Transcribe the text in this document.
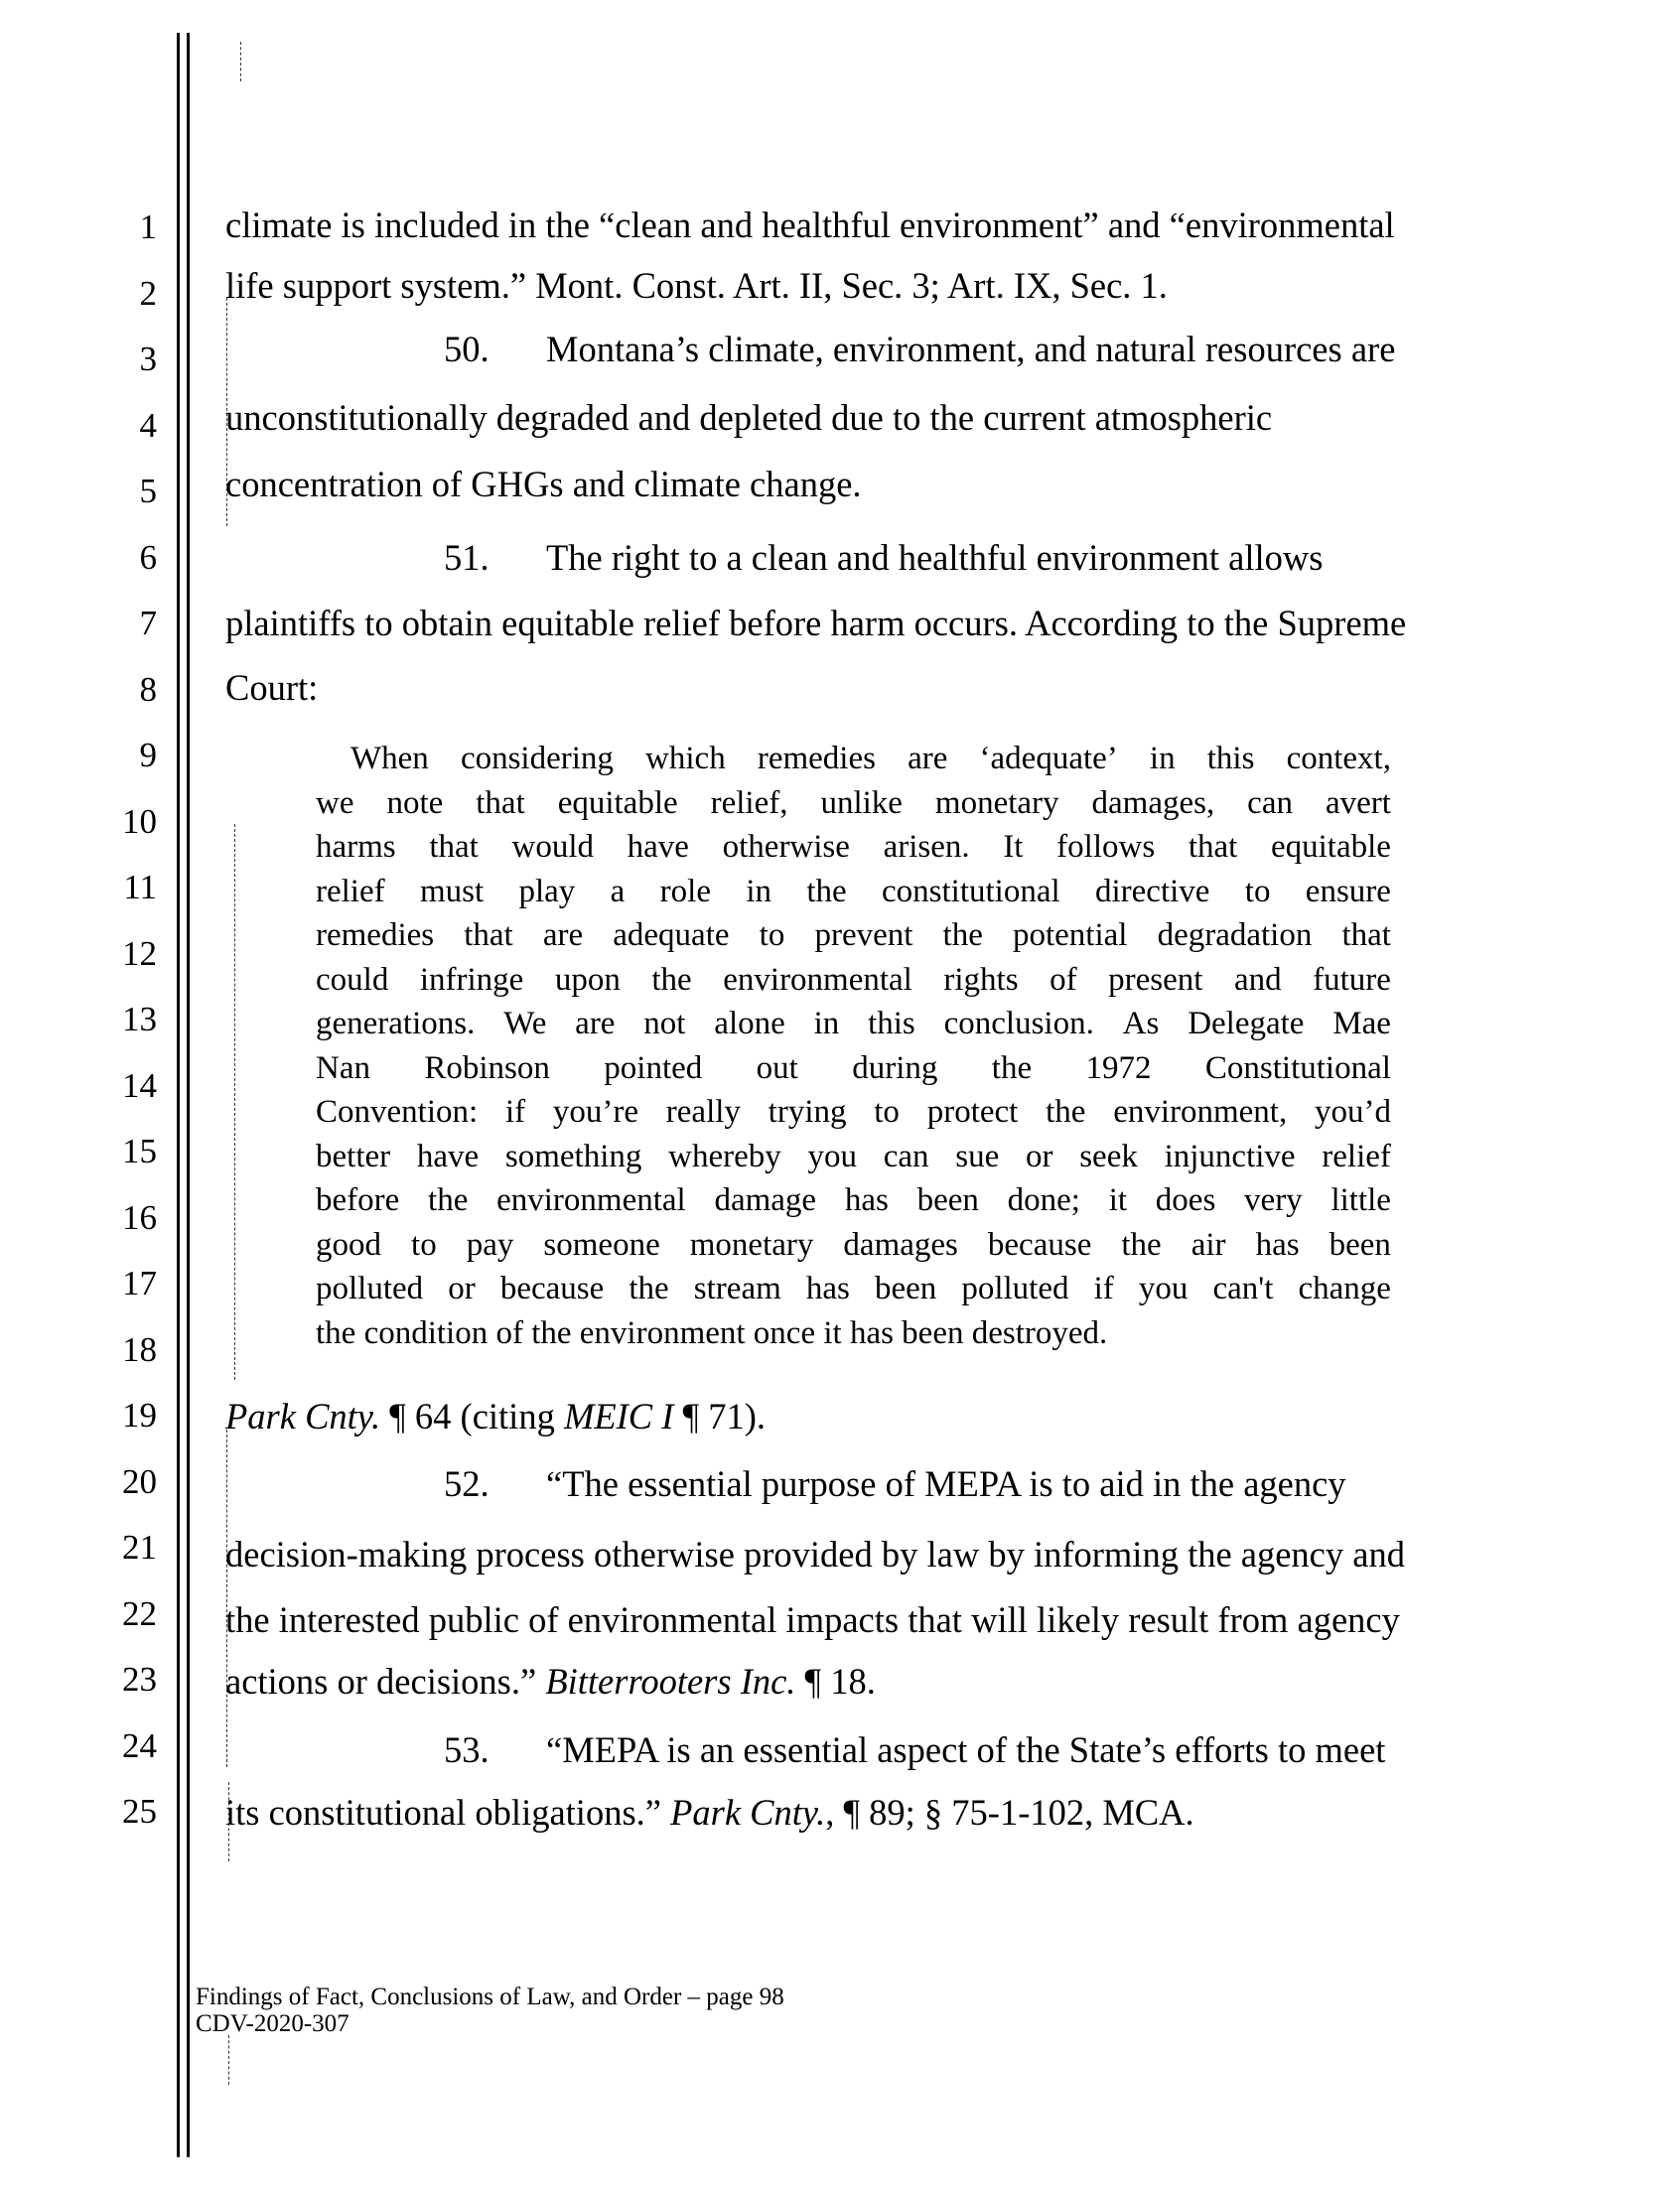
1
2
3
4
5
6
7
8
9
10
11
12
13
14
15
16
17
18
19
20
21
22
23
24
25
climate is included in the “clean and healthful environment” and “environmental
life support system.” Mont. Const. Art. II, Sec. 3; Art. IX, Sec. 1.
50. Montana’s climate, environment, and natural resources are
unconstitutionally degraded and depleted due to the current atmospheric
concentration of GHGs and climate change.
51. The right to a clean and healthful environment allows
plaintiffs to obtain equitable relief before harm occurs. According to the Supreme
Court:
When considering which remedies are ‘adequate’ in this context,
we note that equitable relief, unlike monetary damages, can avert
harms that would have otherwise arisen. It follows that equitable
relief must play a role in the constitutional directive to ensure
remedies that are adequate to prevent the potential degradation that
could infringe upon the environmental rights of present and future
generations. We are not alone in this conclusion. As Delegate Mae
Nan Robinson pointed out during the 1972 Constitutional
Convention: if you’re really trying to protect the environment, you’d
better have something whereby you can sue or seek injunctive relief
before the environmental damage has been done; it does very little
good to pay someone monetary damages because the air has been
polluted or because the stream has been polluted if you can't change
the condition of the environment once it has been destroyed.
Park Cnty. ¶ 64 (citing MEIC I ¶ 71).
52. “The essential purpose of MEPA is to aid in the agency
decision-making process otherwise provided by law by informing the agency and
the interested public of environmental impacts that will likely result from agency
actions or decisions.” Bitterrooters Inc. ¶ 18.
53. “MEPA is an essential aspect of the State’s efforts to meet
its constitutional obligations.” Park Cnty., ¶ 89; § 75-1-102, MCA.
Findings of Fact, Conclusions of Law, and Order – page 98
CDV-2020-307
